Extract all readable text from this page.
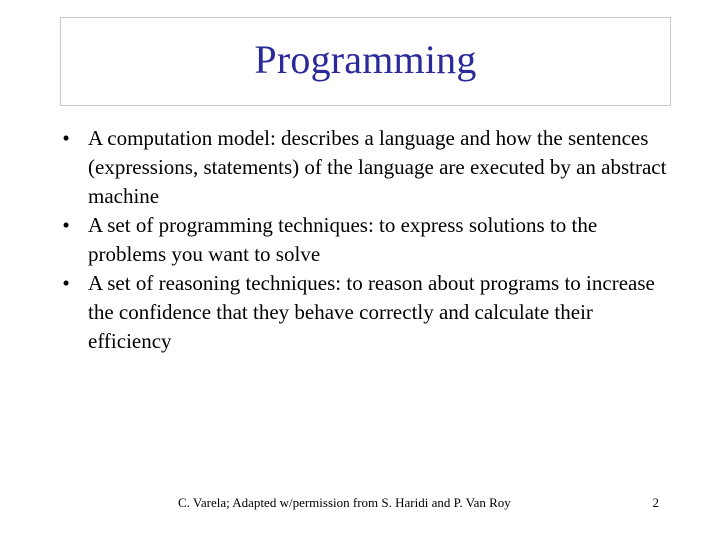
Programming
• A computation model: describes a language and how the sentences (expressions, statements) of the language are executed by an abstract machine
• A set of programming techniques: to express solutions to the problems you want to solve
• A set of reasoning techniques: to reason about programs to increase the confidence that they behave correctly and calculate their efficiency
C. Varela; Adapted w/permission from S. Haridi and P. Van Roy	2
